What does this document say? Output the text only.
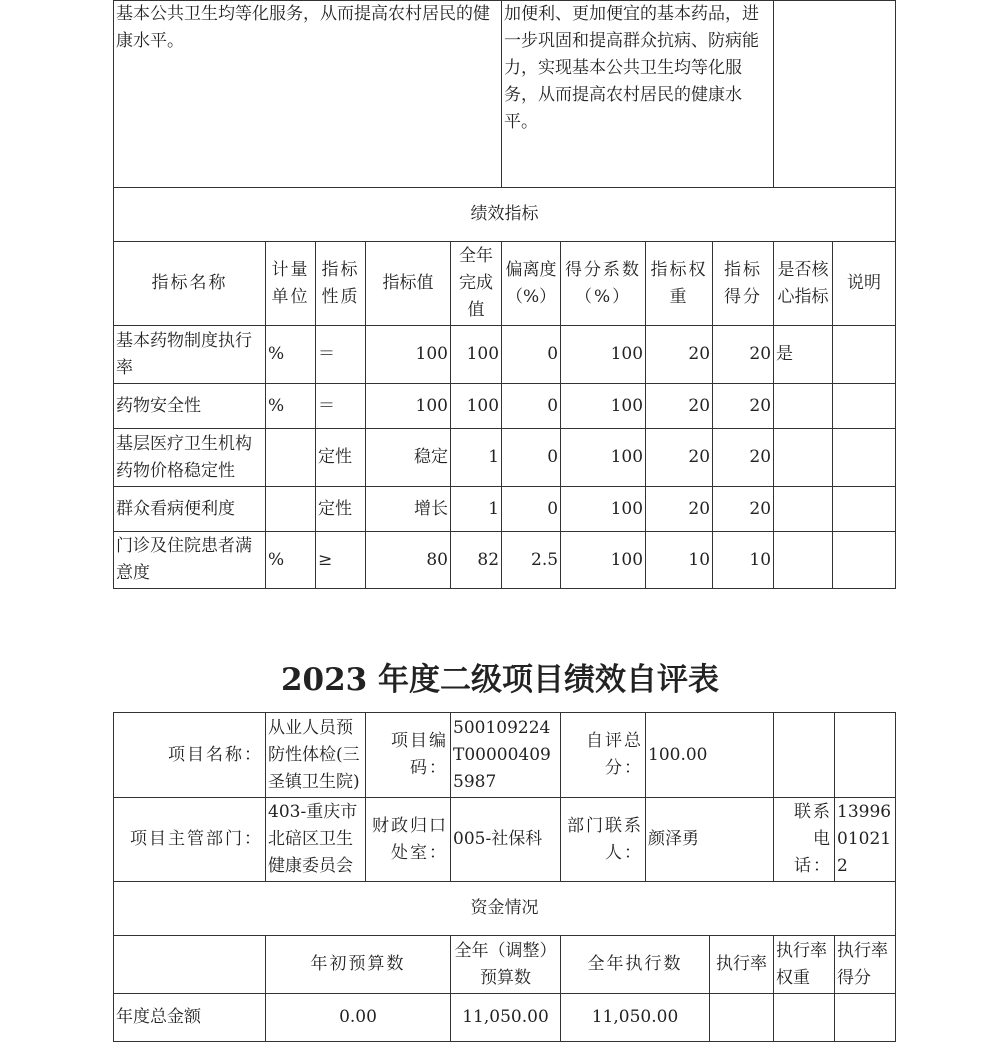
基本公共卫生均等化服务，从而提高农村居民的健康水平。					加便利、更加便宜的基本药品，进一步巩固和提高群众抗病、防病能力，实现基本公共卫生均等化服务，从而提高农村居民的健康水平。					
绩效指标										
指标名称	计量单位	指标性质	指标值	全年完成值	偏离度（%）	得分系数（%）	指标权重	指标得分	是否核心指标	说明
基本药物制度执行率	%	＝	100	100	0	100	20	20	是	
药物安全性	%	＝	100	100	0	100	20	20		
基层医疗卫生机构药物价格稳定性		定性	稳定	1	0	100	20	20		
群众看病便利度		定性	增长	1	0	100	20	20		
门诊及住院患者满意度	%	≥	80	82	2.5	100	10	10		
2023 年度二级项目绩效自评表
项目名称：	从业人员预防性体检(三圣镇卫生院)	项目编码：	500109224T000004095987	自评总分：	100.00			
项目主管部门：	403-重庆市北碚区卫生健康委员会	财政归口处室：	005-社保科	部门联系人：	颜泽勇		联系电话：	13996010212
资金情况								
	年初预算数		全年（调整）预算数	全年执行数		执行率	执行率权重	执行率得分
年度总金额	0.00		11,050.00	11,050.00				
